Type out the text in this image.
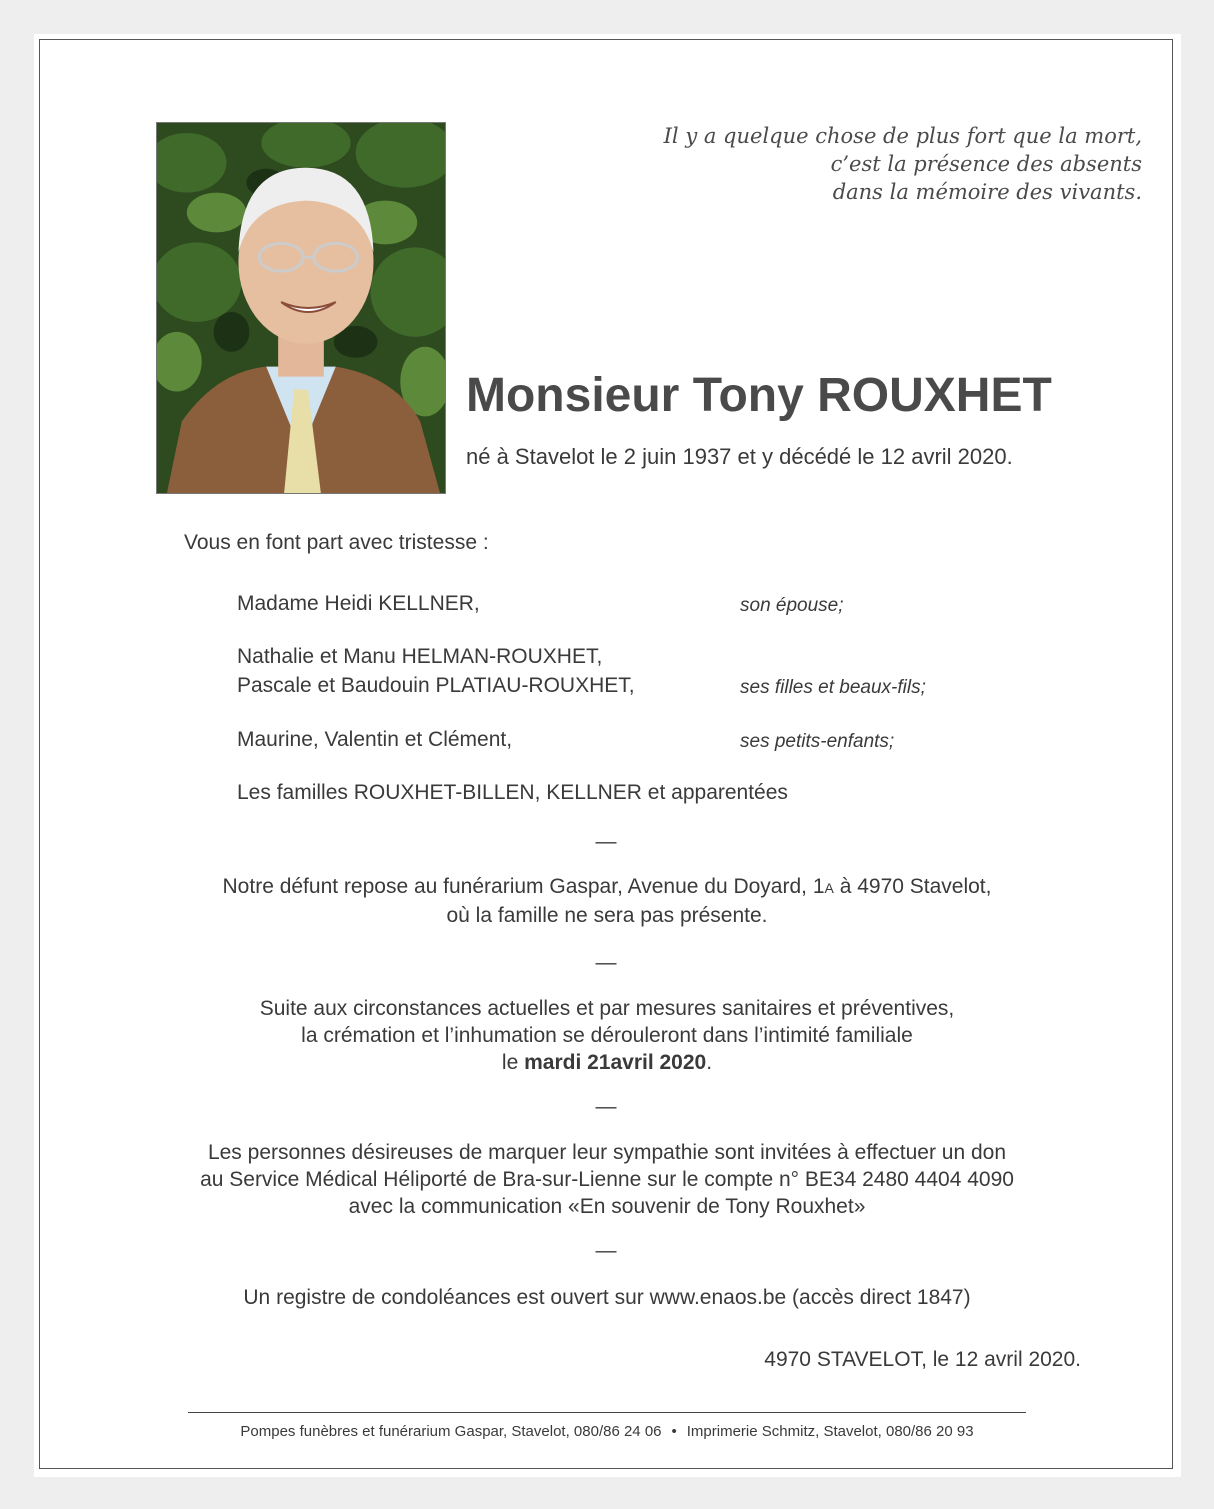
Il y a quelque chose de plus fort que la mort,
c’est la présence des absents
dans la mémoire des vivants.
Monsieur Tony ROUXHET
né à Stavelot le 2 juin 1937 et y décédé le 12 avril 2020.
Vous en font part avec tristesse :
Madame Heidi KELLNER,	son épouse;
Nathalie et Manu HELMAN-ROUXHET,
Pascale et Baudouin PLATIAU-ROUXHET,	ses filles et beaux-fils;
Maurine, Valentin et Clément,	ses petits-enfants;
Les familles ROUXHET-BILLEN, KELLNER et apparentées
—
Notre défunt repose au funérarium Gaspar, Avenue du Doyard, 1A à 4970 Stavelot,
où la famille ne sera pas présente.
—
Suite aux circonstances actuelles et par mesures sanitaires et préventives,
la crémation et l’inhumation se dérouleront dans l’intimité familiale
le mardi 21avril 2020.
—
Les personnes désireuses de marquer leur sympathie sont invitées à effectuer un don
au Service Médical Héliporté de Bra-sur-Lienne sur le compte n° BE34 2480 4404 4090
avec la communication «En souvenir de Tony Rouxhet»
—
Un registre de condoléances est ouvert sur www.enaos.be (accès direct 1847)
4970 STAVELOT, le 12 avril 2020.
Pompes funèbres et funérarium Gaspar, Stavelot, 080/86 24 06 • Imprimerie Schmitz, Stavelot, 080/86 20 93
